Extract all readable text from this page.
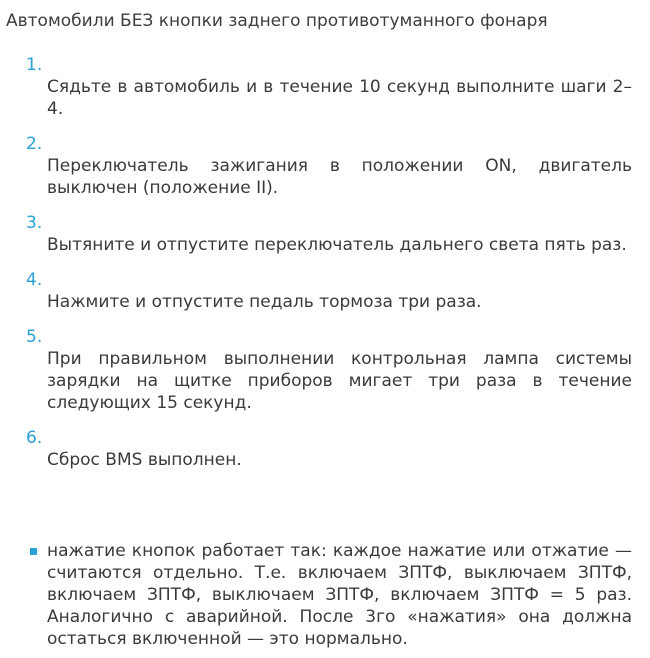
Автомобили БЕЗ кнопки заднего противотуманного фонаря
1.
Сядьте в автомобиль и в течение 10 секунд выполните шаги 2–4.
2.
Переключатель зажигания в положении ON, двигатель выключен (положение II).
3.
Вытяните и отпустите переключатель дальнего света пять раз.
4.
Нажмите и отпустите педаль тормоза три раза.
5.
При правильном выполнении контрольная лампа системы зарядки на щитке приборов мигает три раза в течение следующих 15 секунд.
6.
Сброс BMS выполнен.
нажатие кнопок работает так: каждое нажатие или отжатие — считаются отдельно. Т.е. включаем ЗПТФ, выключаем ЗПТФ, включаем ЗПТФ, выключаем ЗПТФ, включаем ЗПТФ = 5 раз. Аналогично с аварийной. После 3го «нажатия» она должна остаться включенной — это нормально.
